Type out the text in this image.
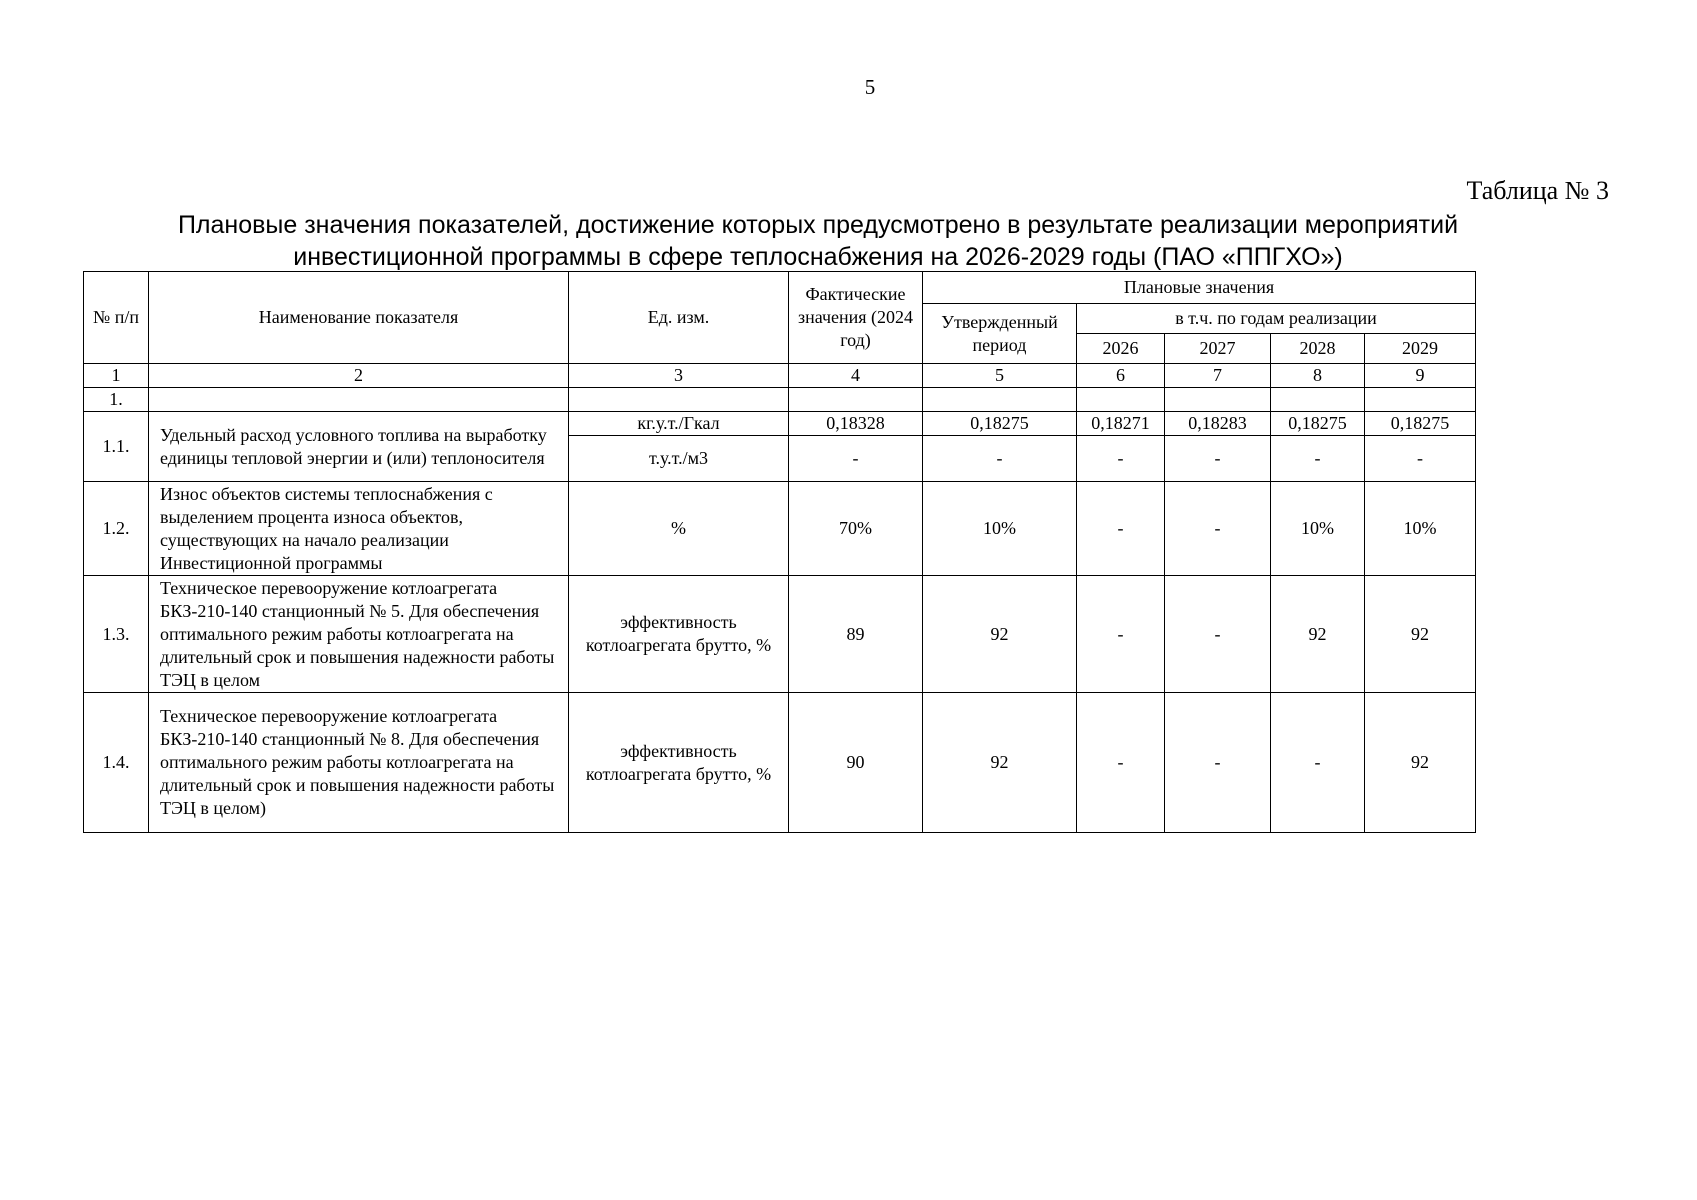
5
Таблица № 3
Плановые значения показателей, достижение которых предусмотрено в результате реализации мероприятий
инвестиционной программы в сфере теплоснабжения на 2026-2029 годы (ПАО «ППГХО»)
№ п/п	Наименование показателя	Ед. изм.	Фактические значения (2024 год)	Плановые значения				
				Утвержденный период	в т.ч. по годам реализации			
					2026	2027	2028	2029
1	2	3	4	5	6	7	8	9
1.								
1.1.	Удельный расход условного топлива на выработку единицы тепловой энергии и (или) теплоносителя	кг.у.т./Гкал	0,18328	0,18275	0,18271	0,18283	0,18275	0,18275
		т.у.т./м3	-	-	-	-	-	-
1.2.	Износ объектов системы теплоснабжения с выделением процента износа объектов, существующих на начало реализации Инвестиционной программы	%	70%	10%	-	-	10%	10%
1.3.	Техническое перевооружение котлоагрегата БКЗ-210-140 станционный № 5. Для обеспечения оптимального режим работы котлоагрегата на длительный срок и повышения надежности работы ТЭЦ в целом	эффективность котлоагрегата брутто, %	89	92	-	-	92	92
1.4.	Техническое перевооружение котлоагрегата БКЗ-210-140 станционный № 8. Для обеспечения оптимального режим работы котлоагрегата на длительный срок и повышения надежности работы ТЭЦ в целом)	эффективность котлоагрегата брутто, %	90	92	-	-	-	92
